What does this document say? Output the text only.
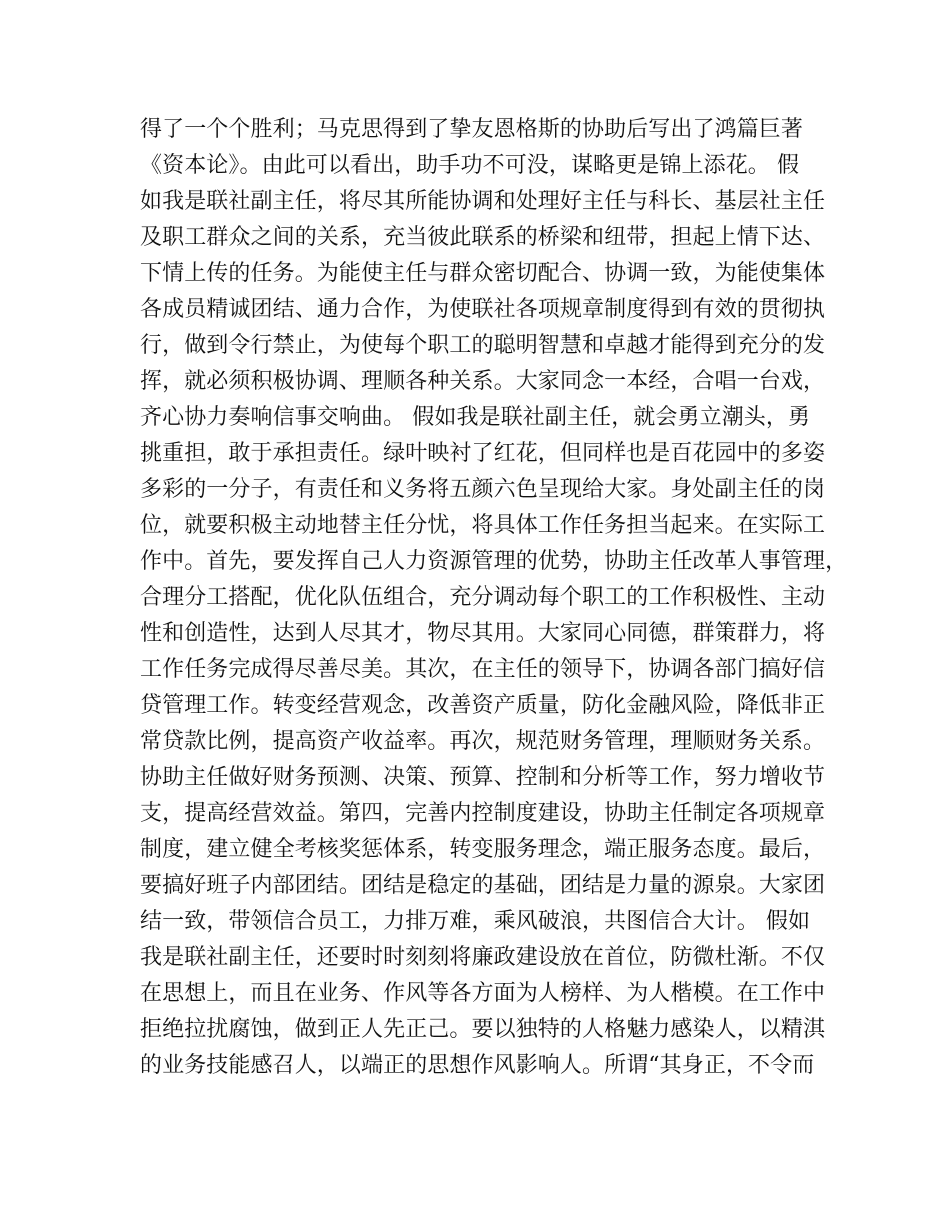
得了一个个胜利；马克思得到了挚友恩格斯的协助后写出了鸿篇巨著
《资本论》。由此可以看出，助手功不可没，谋略更是锦上添花。 假
如我是联社副主任，将尽其所能协调和处理好主任与科长、基层社主任
及职工群众之间的关系，充当彼此联系的桥梁和纽带，担起上情下达、
下情上传的任务。为能使主任与群众密切配合、协调一致，为能使集体
各成员精诚团结、通力合作，为使联社各项规章制度得到有效的贯彻执
行，做到令行禁止，为使每个职工的聪明智慧和卓越才能得到充分的发
挥，就必须积极协调、理顺各种关系。大家同念一本经，合唱一台戏，
齐心协力奏响信事交响曲。 假如我是联社副主任，就会勇立潮头，勇
挑重担，敢于承担责任。绿叶映衬了红花，但同样也是百花园中的多姿
多彩的一分子，有责任和义务将五颜六色呈现给大家。身处副主任的岗
位，就要积极主动地替主任分忧，将具体工作任务担当起来。在实际工
作中。首先，要发挥自己人力资源管理的优势，协助主任改革人事管理，
合理分工搭配，优化队伍组合，充分调动每个职工的工作积极性、主动
性和创造性，达到人尽其才，物尽其用。大家同心同德，群策群力，将
工作任务完成得尽善尽美。其次，在主任的领导下，协调各部门搞好信
贷管理工作。转变经营观念，改善资产质量，防化金融风险，降低非正
常贷款比例，提高资产收益率。再次，规范财务管理，理顺财务关系。
协助主任做好财务预测、决策、预算、控制和分析等工作，努力增收节
支，提高经营效益。第四，完善内控制度建设，协助主任制定各项规章
制度，建立健全考核奖惩体系，转变服务理念，端正服务态度。最后，
要搞好班子内部团结。团结是稳定的基础，团结是力量的源泉。大家团
结一致，带领信合员工，力排万难，乘风破浪，共图信合大计。 假如
我是联社副主任，还要时时刻刻将廉政建设放在首位，防微杜渐。不仅
在思想上，而且在业务、作风等各方面为人榜样、为人楷模。在工作中
拒绝拉扰腐蚀，做到正人先正己。要以独特的人格魅力感染人，以精淇
的业务技能感召人，以端正的思想作风影响人。所谓“其身正，不令而
